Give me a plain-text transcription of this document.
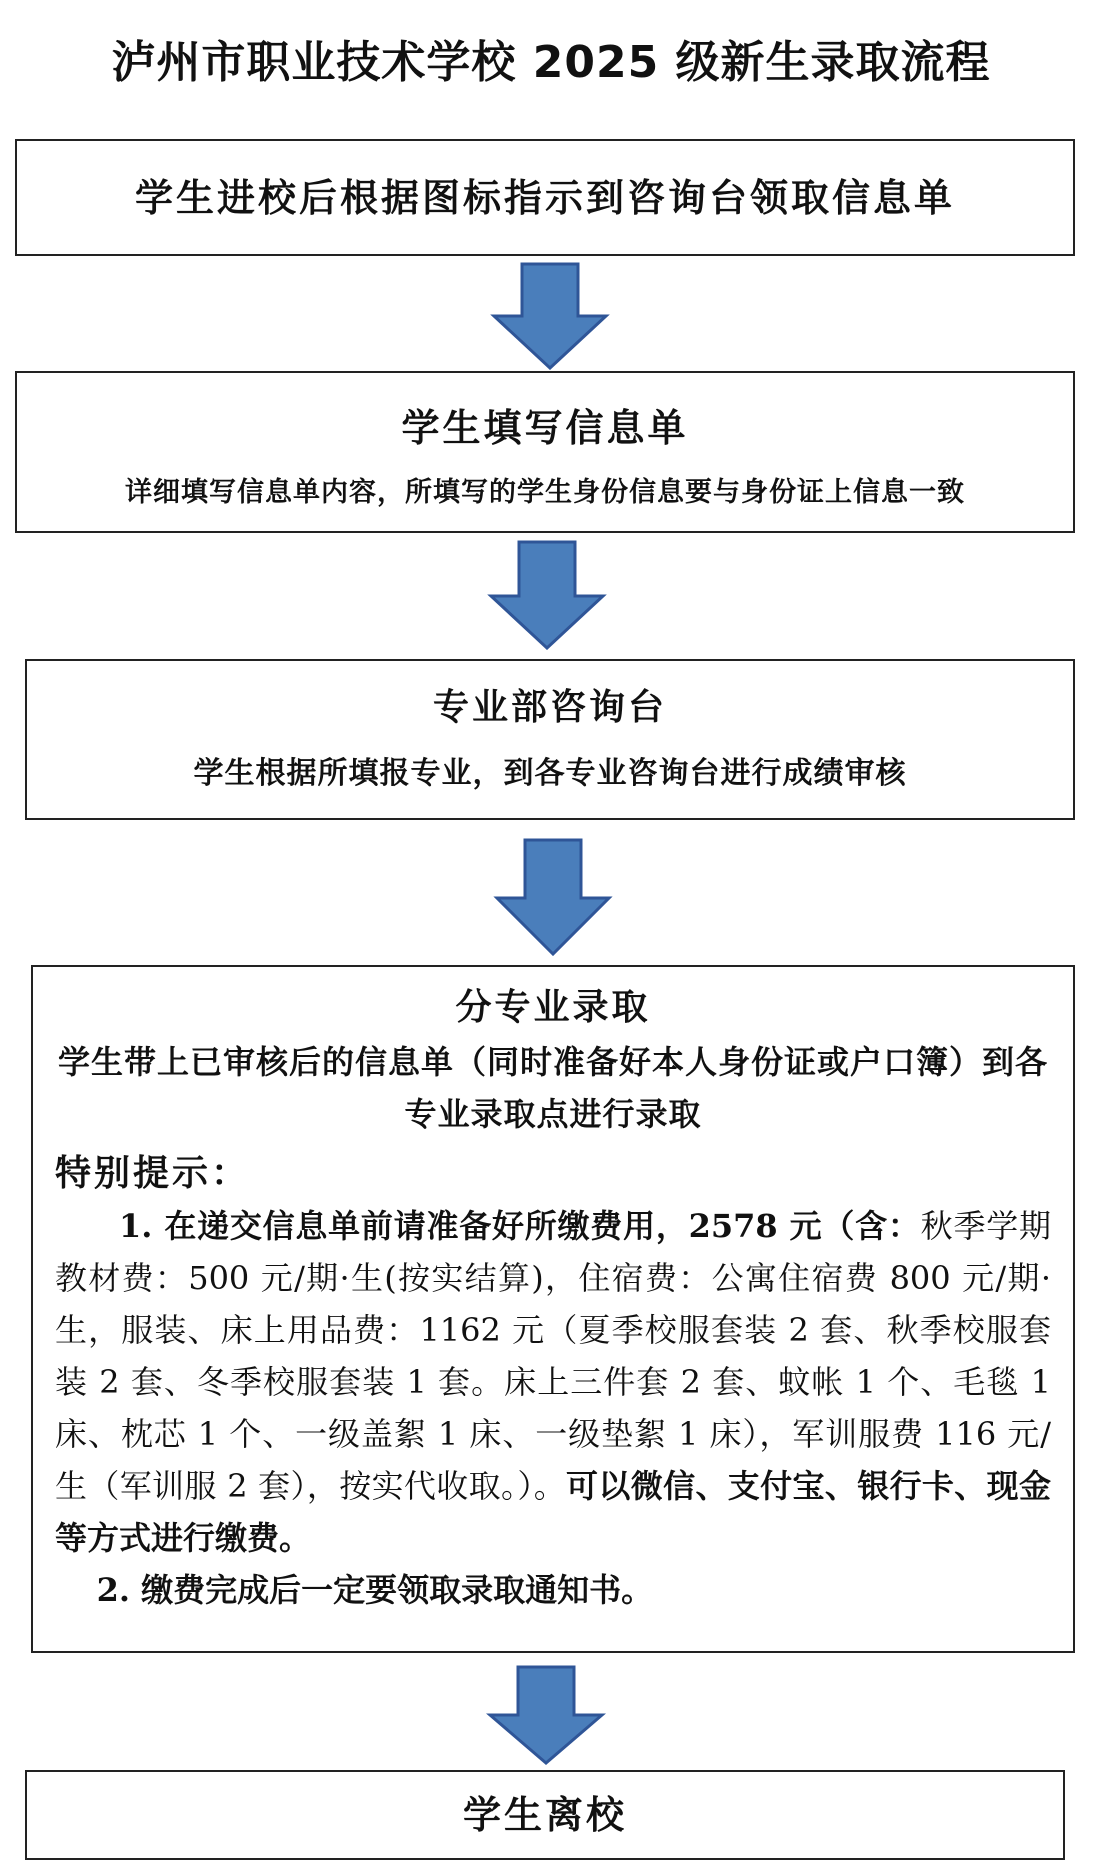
泸州市职业技术学校 2025 级新生录取流程
学生进校后根据图标指示到咨询台领取信息单
学生填写信息单
详细填写信息单内容，所填写的学生身份信息要与身份证上信息一致
专业部咨询台
学生根据所填报专业，到各专业咨询台进行成绩审核
分专业录取
学生带上已审核后的信息单（同时准备好本人身份证或户口簿）到各专业录取点进行录取
特别提示：
1. 在递交信息单前请准备好所缴费用，2578 元（含：秋季学期教材费：500 元/期·生(按实结算)，住宿费：公寓住宿费 800 元/期·生，服装、床上用品费：1162 元（夏季校服套装 2 套、秋季校服套装 2 套、冬季校服套装 1 套。床上三件套 2 套、蚊帐 1 个、毛毯 1 床、枕芯 1 个、一级盖絮 1 床、一级垫絮 1 床），军训服费 116 元/生（军训服 2 套），按实代收取。）。可以微信、支付宝、银行卡、现金等方式进行缴费。
2. 缴费完成后一定要领取录取通知书。
学生离校
